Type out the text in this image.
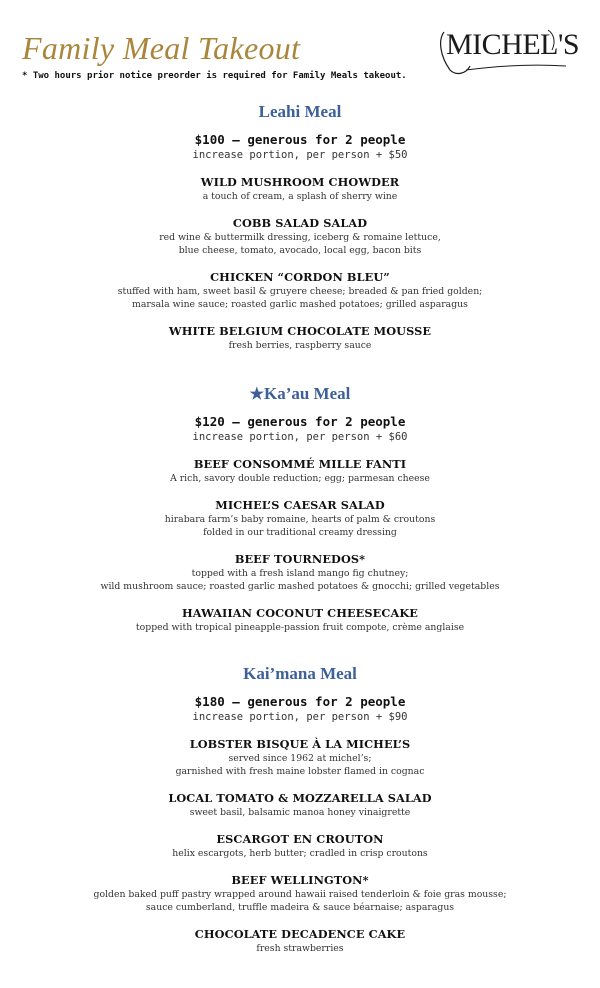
Family Meal Takeout
* Two hours prior notice preorder is required for Family Meals takeout.
MICHEL'S
Leahi Meal
$100 – generous for 2 people
increase portion, per person + $50
WILD MUSHROOM CHOWDER
a touch of cream, a splash of sherry wine
COBB SALAD SALAD
red wine & buttermilk dressing, iceberg & romaine lettuce,
blue cheese, tomato, avocado, local egg, bacon bits
CHICKEN “CORDON BLEU”
stuffed with ham, sweet basil & gruyere cheese; breaded & pan fried golden;
marsala wine sauce; roasted garlic mashed potatoes; grilled asparagus
WHITE BELGIUM CHOCOLATE MOUSSE
fresh berries, raspberry sauce
★Ka’au Meal
$120 – generous for 2 people
increase portion, per person + $60
BEEF CONSOMMÉ MILLE FANTI
A rich, savory double reduction; egg; parmesan cheese
MICHEL’S CAESAR SALAD
hirabara farm’s baby romaine, hearts of palm & croutons
folded in our traditional creamy dressing
BEEF TOURNEDOS*
topped with a fresh island mango fig chutney;
wild mushroom sauce; roasted garlic mashed potatoes & gnocchi; grilled vegetables
HAWAIIAN COCONUT CHEESECAKE
topped with tropical pineapple-passion fruit compote, crème anglaise
Kai’mana Meal
$180 – generous for 2 people
increase portion, per person + $90
LOBSTER BISQUE À LA MICHEL’S
served since 1962 at michel’s;
garnished with fresh maine lobster flamed in cognac
LOCAL TOMATO & MOZZARELLA SALAD
sweet basil, balsamic manoa honey vinaigrette
ESCARGOT EN CROUTON
helix escargots, herb butter; cradled in crisp croutons
BEEF WELLINGTON*
golden baked puff pastry wrapped around hawaii raised tenderloin & foie gras mousse;
sauce cumberland, truffle madeira & sauce béarnaise; asparagus
CHOCOLATE DECADENCE CAKE
fresh strawberries
